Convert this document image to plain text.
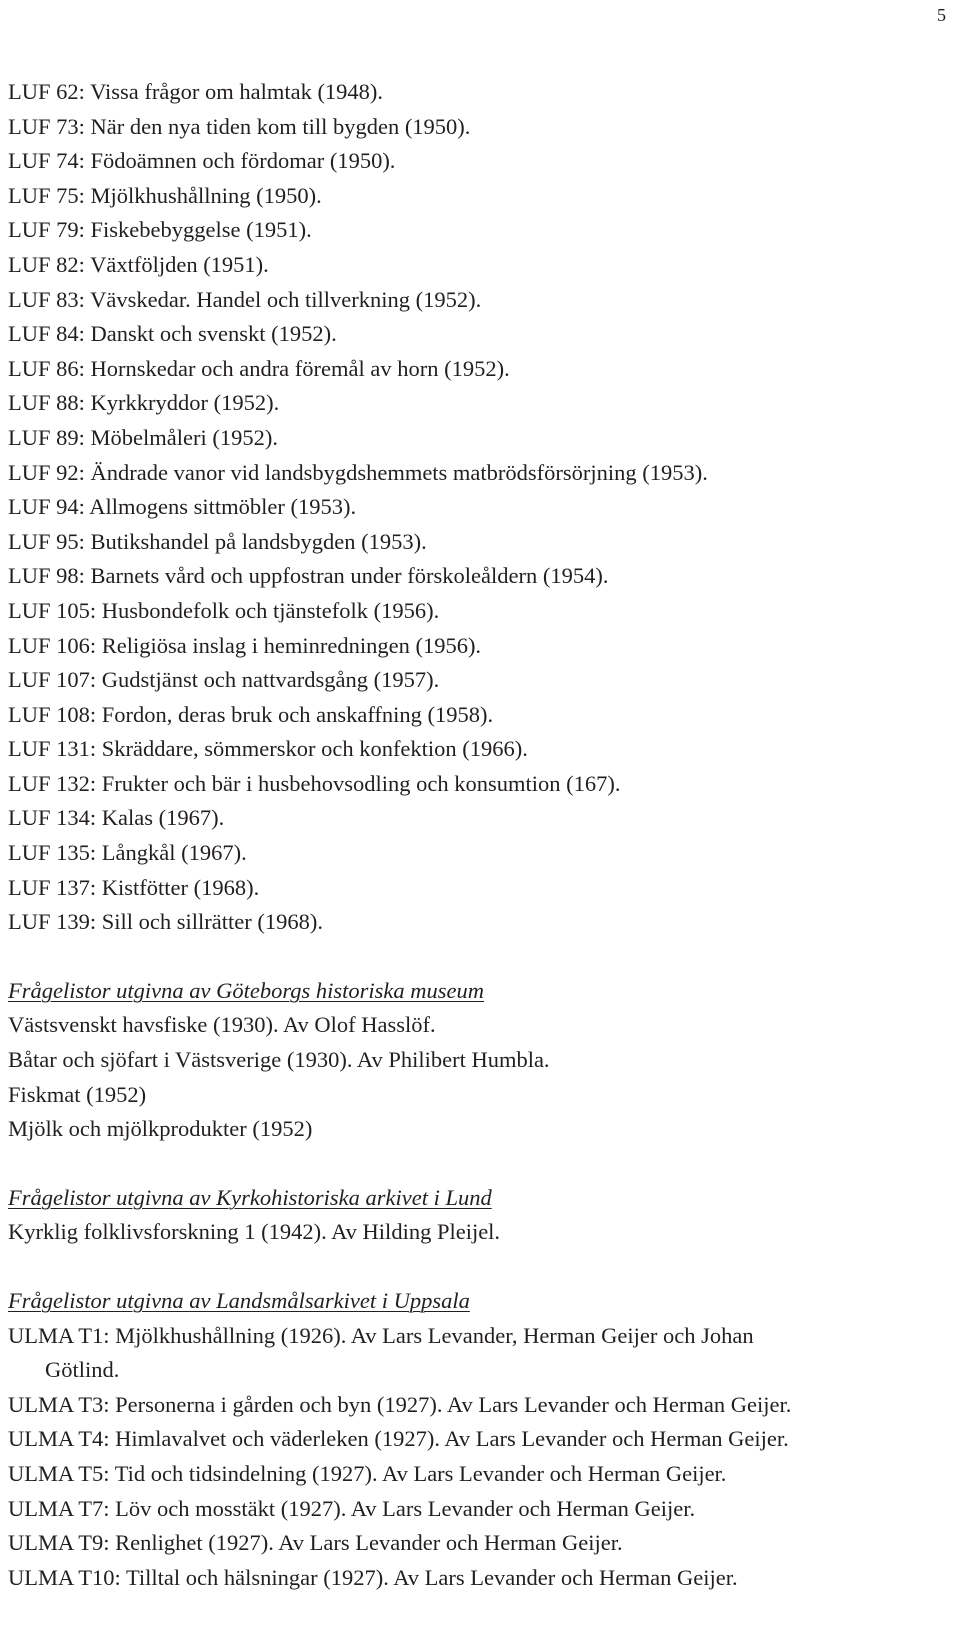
5
LUF 62: Vissa frågor om halmtak (1948).
LUF 73: När den nya tiden kom till bygden (1950).
LUF 74: Födoämnen och fördomar (1950).
LUF 75: Mjölkhushållning (1950).
LUF 79: Fiskebebyggelse (1951).
LUF 82: Växtföljden (1951).
LUF 83: Vävskedar. Handel och tillverkning (1952).
LUF 84: Danskt och svenskt (1952).
LUF 86: Hornskedar och andra föremål av horn (1952).
LUF 88: Kyrkkryddor (1952).
LUF 89: Möbelmåleri (1952).
LUF 92: Ändrade vanor vid landsbygdshemmets matbrödsförsörjning (1953).
LUF 94: Allmogens sittmöbler (1953).
LUF 95: Butikshandel på landsbygden (1953).
LUF 98: Barnets vård och uppfostran under förskoleåldern (1954).
LUF 105: Husbondefolk och tjänstefolk (1956).
LUF 106: Religiösa inslag i heminredningen (1956).
LUF 107: Gudstjänst och nattvardsgång (1957).
LUF 108: Fordon, deras bruk och anskaffning (1958).
LUF 131: Skräddare, sömmerskor och konfektion (1966).
LUF 132: Frukter och bär i husbehovsodling och konsumtion (167).
LUF 134: Kalas (1967).
LUF 135: Långkål (1967).
LUF 137: Kistfötter (1968).
LUF 139: Sill och sillrätter (1968).
Frågelistor utgivna av Göteborgs historiska museum
Västsvenskt havsfiske (1930). Av Olof Hasslöf.
Båtar och sjöfart i Västsverige (1930). Av Philibert Humbla.
Fiskmat (1952)
Mjölk och mjölkprodukter (1952)
Frågelistor utgivna av Kyrkohistoriska arkivet i Lund
Kyrklig folklivsforskning 1 (1942). Av Hilding Pleijel.
Frågelistor utgivna av Landsmålsarkivet i Uppsala
ULMA T1: Mjölkhushållning (1926). Av Lars Levander, Herman Geijer och Johan
Götlind.
ULMA T3: Personerna i gården och byn (1927). Av Lars Levander och Herman Geijer.
ULMA T4: Himlavalvet och väderleken (1927). Av Lars Levander och Herman Geijer.
ULMA T5: Tid och tidsindelning (1927). Av Lars Levander och Herman Geijer.
ULMA T7: Löv och mosstäkt (1927). Av Lars Levander och Herman Geijer.
ULMA T9: Renlighet (1927). Av Lars Levander och Herman Geijer.
ULMA T10: Tilltal och hälsningar (1927). Av Lars Levander och Herman Geijer.
